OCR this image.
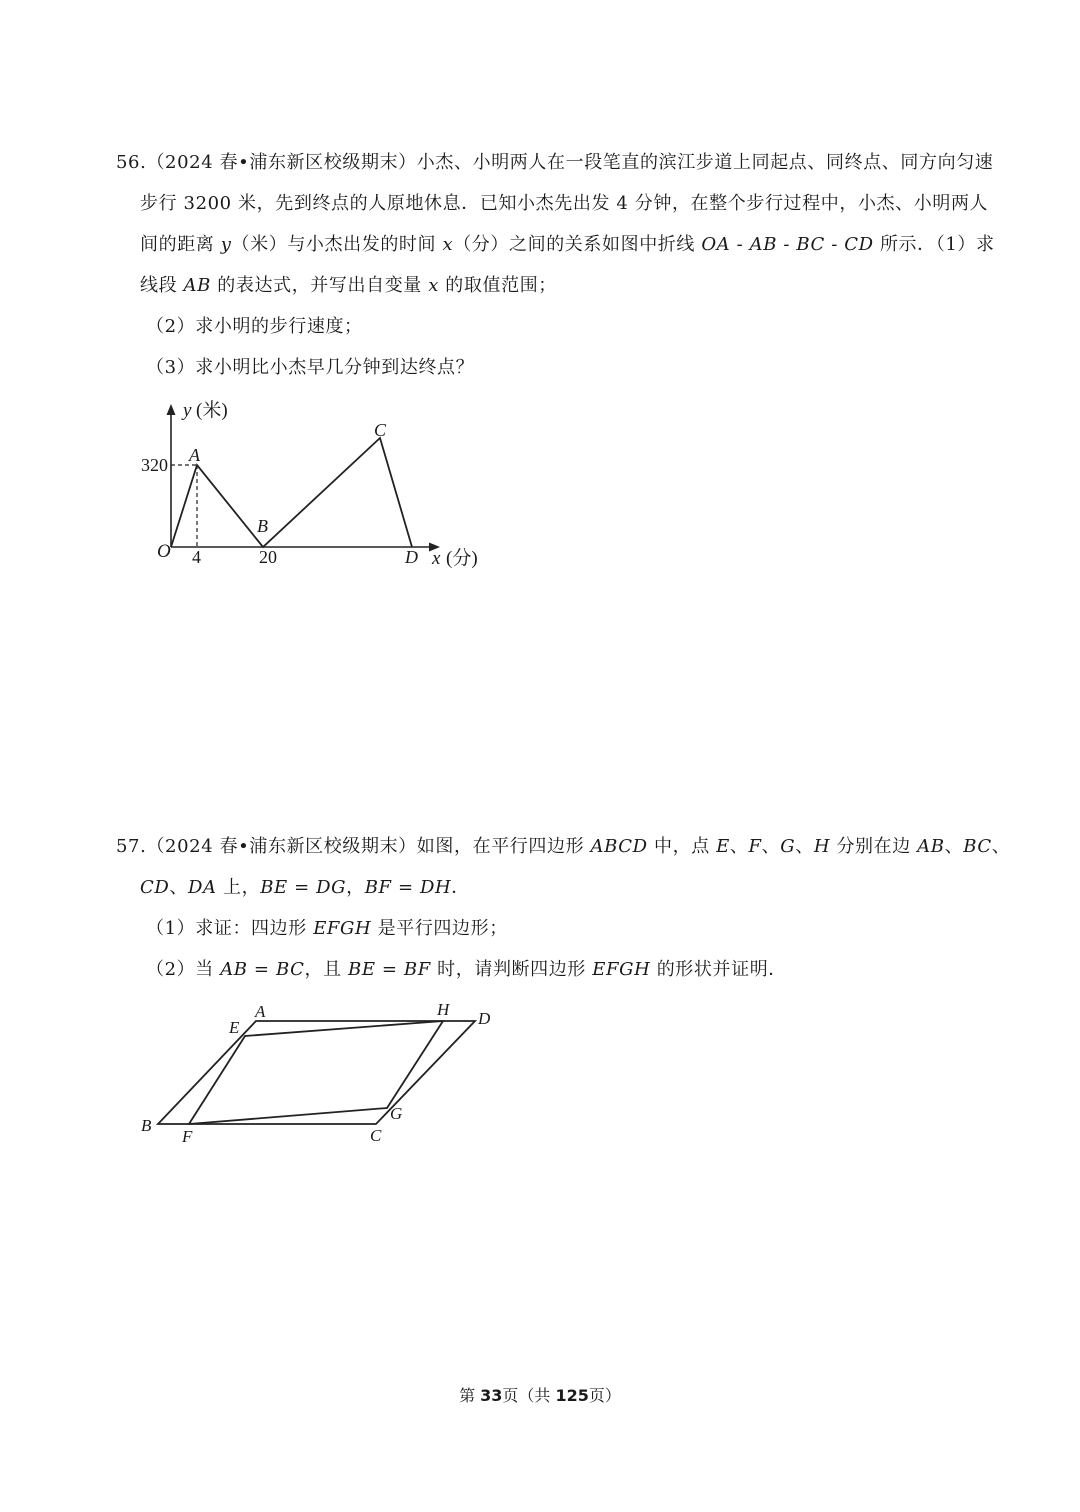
56.（2024 春•浦东新区校级期末）小杰、小明两人在一段笔直的滨江步道上同起点、同终点、同方向匀速
步行 3200 米，先到终点的人原地休息．已知小杰先出发 4 分钟，在整个步行过程中，小杰、小明两人
间的距离 y（米）与小杰出发的时间 x（分）之间的关系如图中折线 OA - AB - BC - CD 所示．（1）求
线段 AB 的表达式，并写出自变量 x 的取值范围；
（2）求小明的步行速度；
（3）求小明比小杰早几分钟到达终点？
y (米)
x (分)
320
4	20
O
A
B
C
D
57.（2024 春•浦东新区校级期末）如图，在平行四边形 ABCD 中，点 E、F、G、H 分别在边 AB、BC、
CD、DA 上，BE = DG，BF = DH．
（1）求证：四边形 EFGH 是平行四边形；
（2）当 AB = BC，且 BE = BF 时，请判断四边形 EFGH 的形状并证明．
A
B
C
D
E
F
G
H
第 33页（共 125页）
